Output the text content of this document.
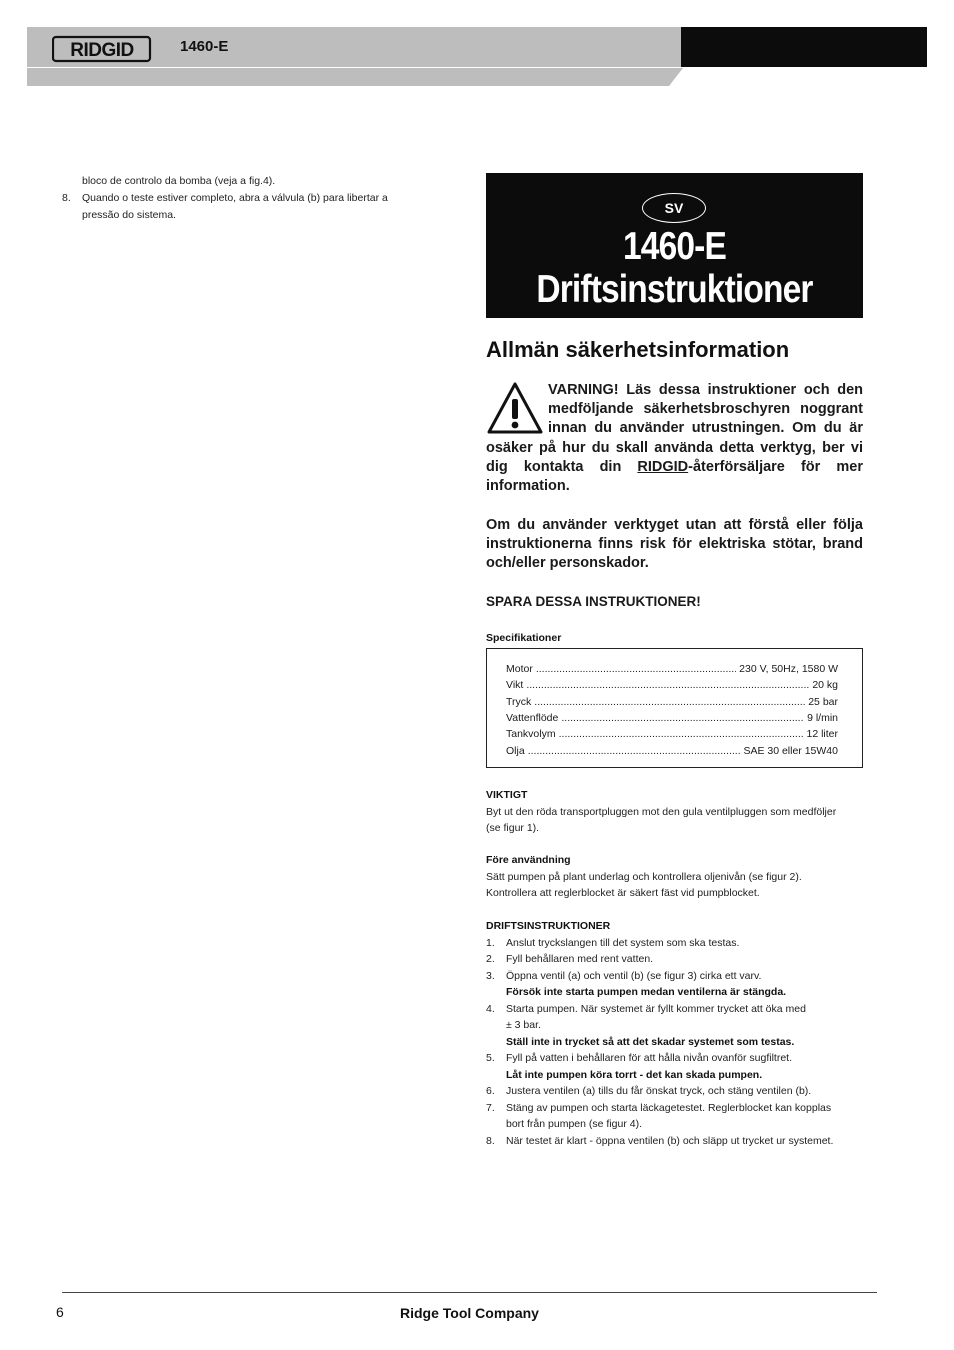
RIDGID	1460-E

bloco de controlo da bomba (veja a fig.4).

8.	Quando o teste estiver completo, abra a válvula (b) para libertar a
pressão do sistema.	SV
1460-E
Driftsinstruktioner
Allmän säkerhetsinformation
VARNING! Läs dessa instruktioner och den medföljande säkerhetsbroschyren noggrant innan du använder utrustningen. Om du är osäker på hur du skall använda detta verktyg, ber vi dig kontakta din RIDGID-återförsäljare för mer information.
Om du använder verktyget utan att förstå eller följa instruktionerna finns risk för elektriska stötar, brand och/eller personskador.
SPARA DESSA INSTRUKTIONER!
Specifikationer
Motor .....	230 V, 50Hz, 1580 W
Vikt .....	20 kg
Tryck .....	25 bar
Vattenflöde .....	9 l/min
Tankvolym .....	12 liter
Olja .....	SAE 30 eller 15W40
VIKTIGT
Byt ut den röda transportpluggen mot den gula ventilpluggen som medföljer
(se figur 1).
Före användning
Sätt pumpen på plant underlag och kontrollera oljenivån (se figur 2).
Kontrollera att reglerblocket är säkert fäst vid pumpblocket.
DRIFTSINSTRUKTIONER
1.	Anslut tryckslangen till det system som ska testas.
2.	Fyll behållaren med rent vatten.
3.	Öppna ventil (a) och ventil (b) (se figur 3) cirka ett varv.
Försök inte starta pumpen medan ventilerna är stängda.
4.	Starta pumpen. När systemet är fyllt kommer trycket att öka med
± 3 bar.
Ställ inte in trycket så att det skadar systemet som testas.
5.	Fyll på vatten i behållaren för att hålla nivån ovanför sugfiltret.
Låt inte pumpen köra torrt - det kan skada pumpen.
6.	Justera ventilen (a) tills du får önskat tryck, och stäng ventilen (b).
7.	Stäng av pumpen och starta läckagetestet. Reglerblocket kan kopplas
bort från pumpen (se figur 4).
8.	När testet är klart - öppna ventilen (b) och släpp ut trycket ur systemet.
6	Ridge Tool Company
